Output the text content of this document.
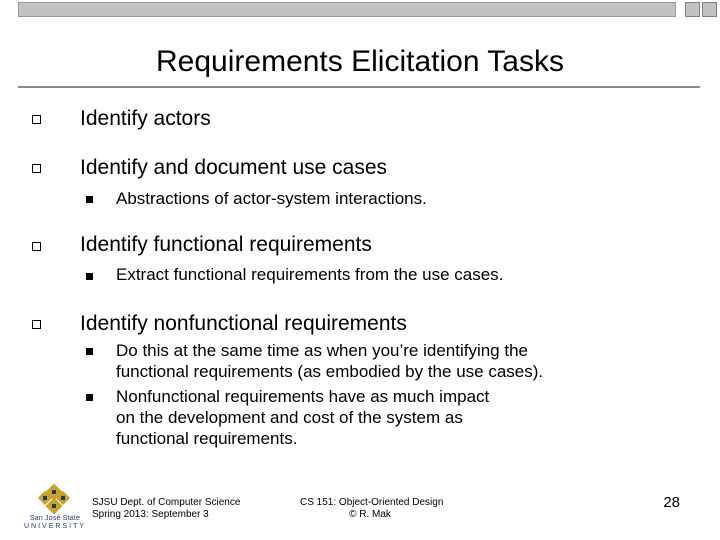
Requirements Elicitation Tasks
Identify actors
Identify and document use cases
Abstractions of actor-system interactions.
Identify functional requirements
Extract functional requirements from the use cases.
Identify nonfunctional requirements
Do this at the same time as when you’re identifying the
functional requirements (as embodied by the use cases).
Nonfunctional requirements have as much impact
on the development and cost of the system as
functional requirements.
San José State
UNIVERSITY
SJSU Dept. of Computer Science
Spring 2013: September 3
CS 151: Object-Oriented Design
© R. Mak
28
